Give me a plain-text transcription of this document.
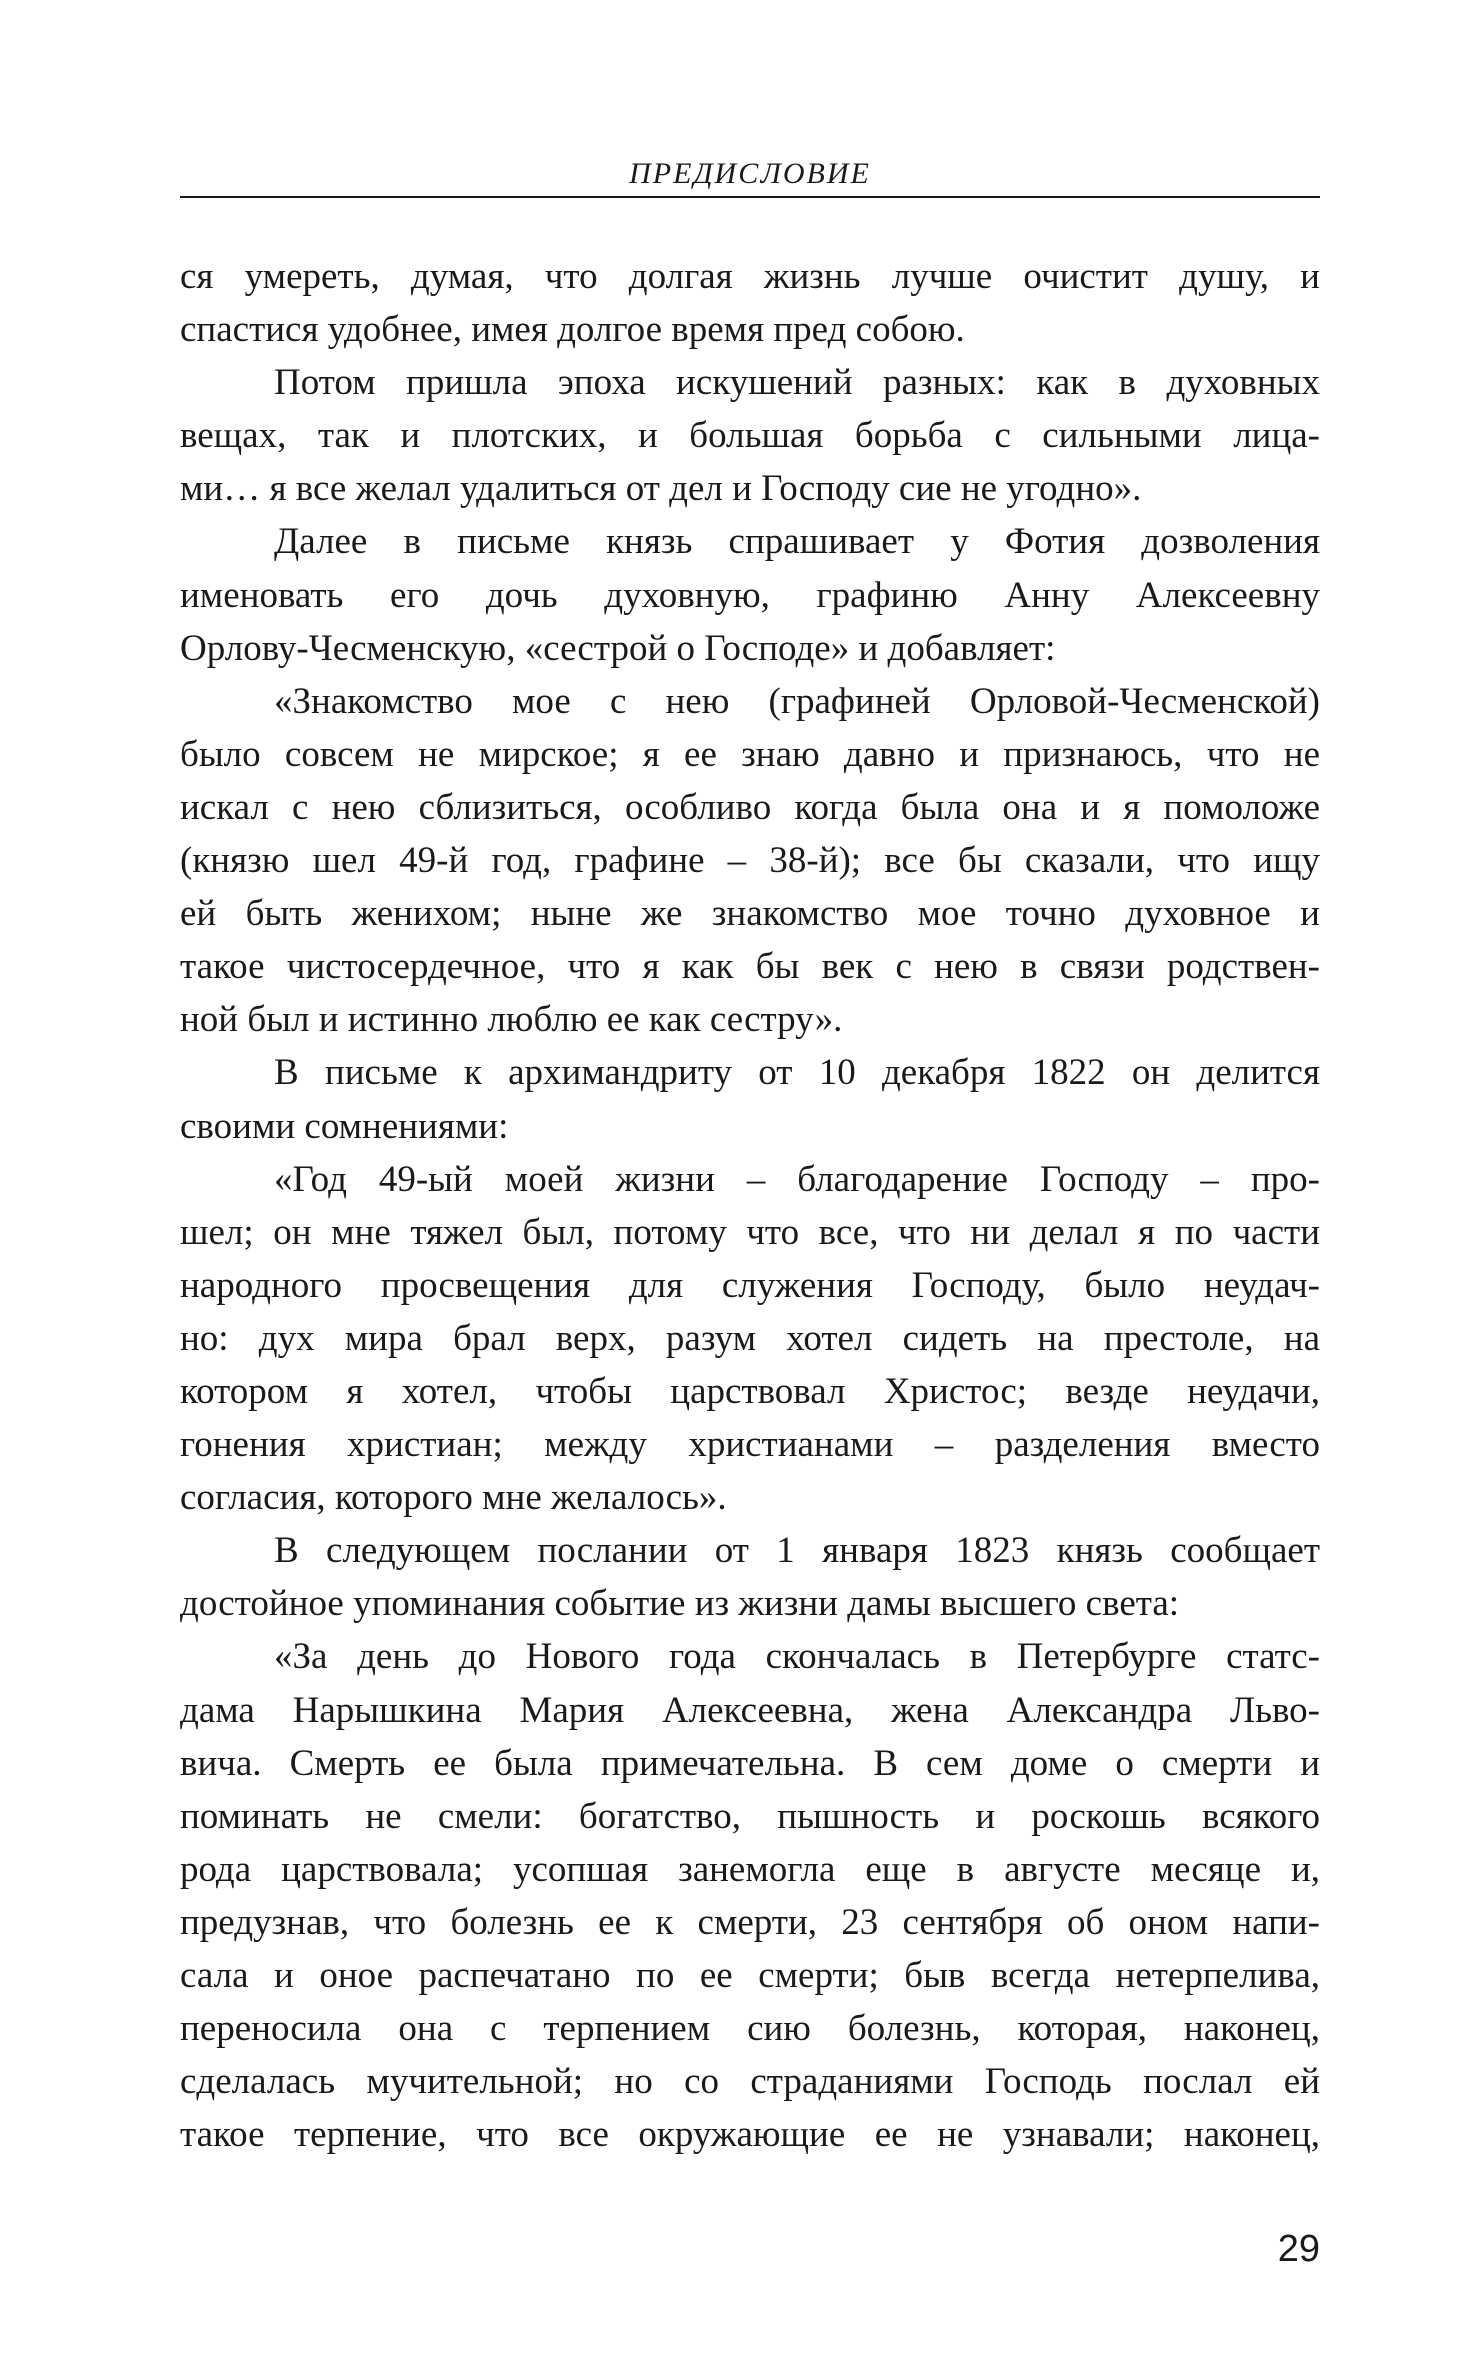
ПРЕДИСЛОВИЕ
ся умереть, думая, что долгая жизнь лучше очистит душу, и
спастися удобнее, имея долгое время пред собою.
Потом пришла эпоха искушений разных: как в духовных
вещах, так и плотских, и большая борьба с сильными лица-
ми… я все желал удалиться от дел и Господу сие не угодно».
Далее в письме князь спрашивает у Фотия дозволения
именовать его дочь духовную, графиню Анну Алексеевну
Орлову-Чесменскую, «сестрой о Господе» и добавляет:
«Знакомство мое с нею (графиней Орловой-Чесменской)
было совсем не мирское; я ее знаю давно и признаюсь, что не
искал с нею сблизиться, особливо когда была она и я помоложе
(князю шел 49-й год, графине – 38-й); все бы сказали, что ищу
ей быть женихом; ныне же знакомство мое точно духовное и
такое чистосердечное, что я как бы век с нею в связи родствен-
ной был и истинно люблю ее как сестру».
В письме к архимандриту от 10 декабря 1822 он делится
своими сомнениями:
«Год 49-ый моей жизни – благодарение Господу – про-
шел; он мне тяжел был, потому что все, что ни делал я по части
народного просвещения для служения Господу, было неудач-
но: дух мира брал верх, разум хотел сидеть на престоле, на
котором я хотел, чтобы царствовал Христос; везде неудачи,
гонения христиан; между христианами – разделения вместо
согласия, которого мне желалось».
В следующем послании от 1 января 1823 князь сообщает
достойное упоминания событие из жизни дамы высшего света:
«За день до Нового года скончалась в Петербурге статс-
дама Нарышкина Мария Алексеевна, жена Александра Льво-
вича. Смерть ее была примечательна. В сем доме о смерти и
поминать не смели: богатство, пышность и роскошь всякого
рода царствовала; усопшая занемогла еще в августе месяце и,
предузнав, что болезнь ее к смерти, 23 сентября об оном напи-
сала и оное распечатано по ее смерти; быв всегда нетерпелива,
переносила она с терпением сию болезнь, которая, наконец,
сделалась мучительной; но со страданиями Господь послал ей
такое терпение, что все окружающие ее не узнавали; наконец,
29
